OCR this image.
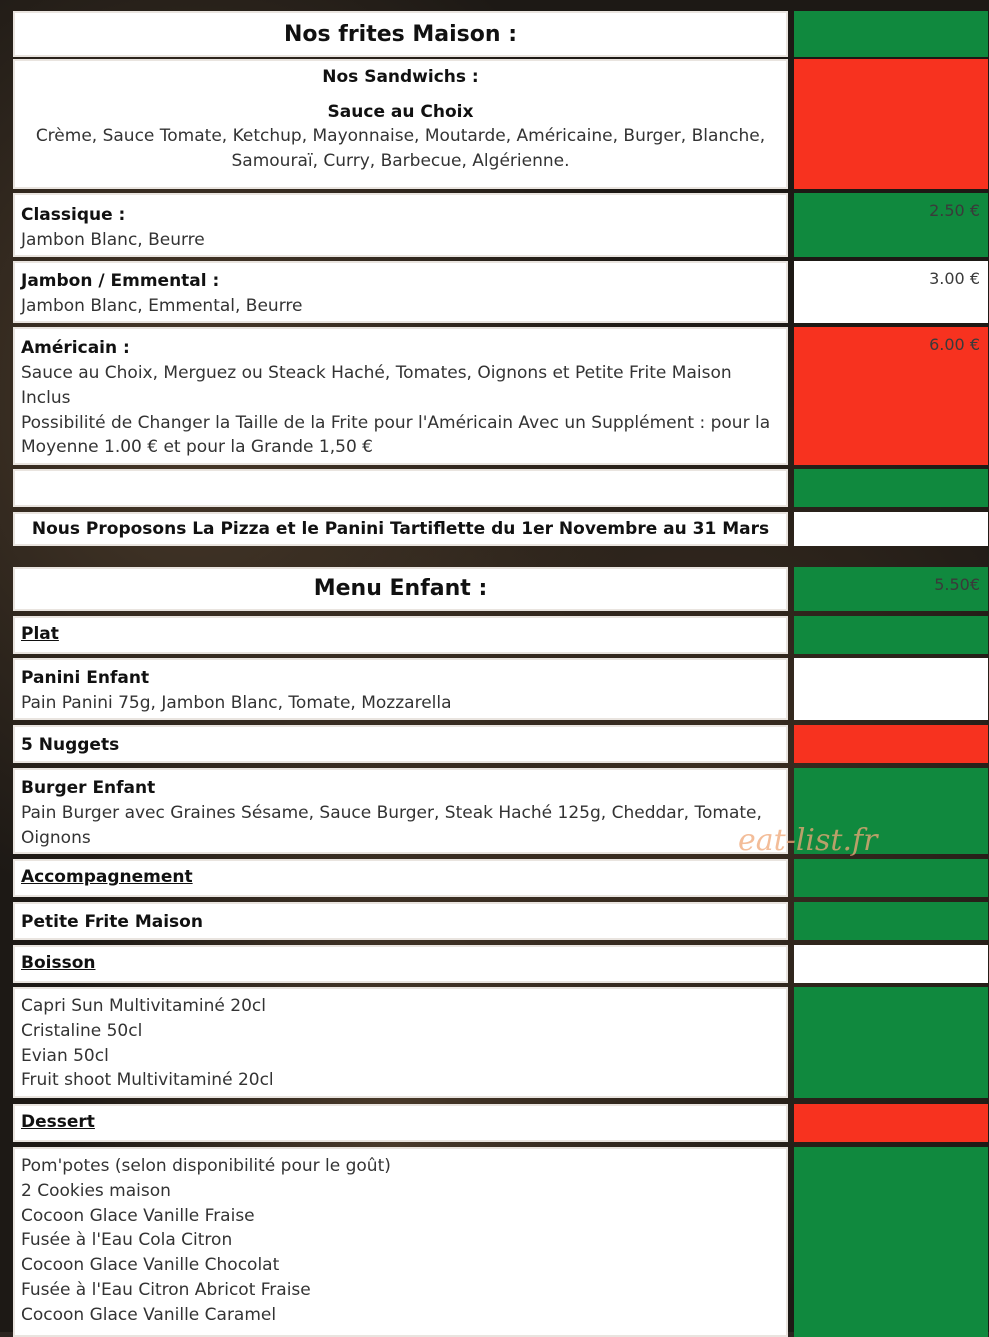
Nos frites Maison :
Nos Sandwichs :
Sauce au Choix
Crème, Sauce Tomate, Ketchup, Mayonnaise, Moutarde, Américaine, Burger, Blanche, Samouraï, Curry, Barbecue, Algérienne.
Classique :
Jambon Blanc, Beurre
2.50 €
Jambon / Emmental :
Jambon Blanc, Emmental, Beurre
3.00 €
Américain :
Sauce au Choix, Merguez ou Steack Haché, Tomates, Oignons et Petite Frite Maison Inclus
Possibilité de Changer la Taille de la Frite pour l'Américain Avec un Supplément : pour la Moyenne 1.00 € et pour la Grande 1,50 €
6.00 €
Nous Proposons La Pizza et le Panini Tartiflette du 1er Novembre au 31 Mars
Menu Enfant :	5.50€
Plat
Panini Enfant
Pain Panini 75g, Jambon Blanc, Tomate, Mozzarella
5 Nuggets
Burger Enfant
Pain Burger avec Graines Sésame, Sauce Burger, Steak Haché 125g, Cheddar, Tomate, Oignons
Accompagnement
Petite Frite Maison
Boisson
Capri Sun Multivitaminé 20cl
Cristaline 50cl
Evian 50cl
Fruit shoot Multivitaminé 20cl
Dessert
Pom'potes (selon disponibilité pour le goût)
2 Cookies maison
Cocoon Glace Vanille Fraise
Fusée à l'Eau Cola Citron
Cocoon Glace Vanille Chocolat
Fusée à l'Eau Citron Abricot Fraise
Cocoon Glace Vanille Caramel
eat-list.fr
